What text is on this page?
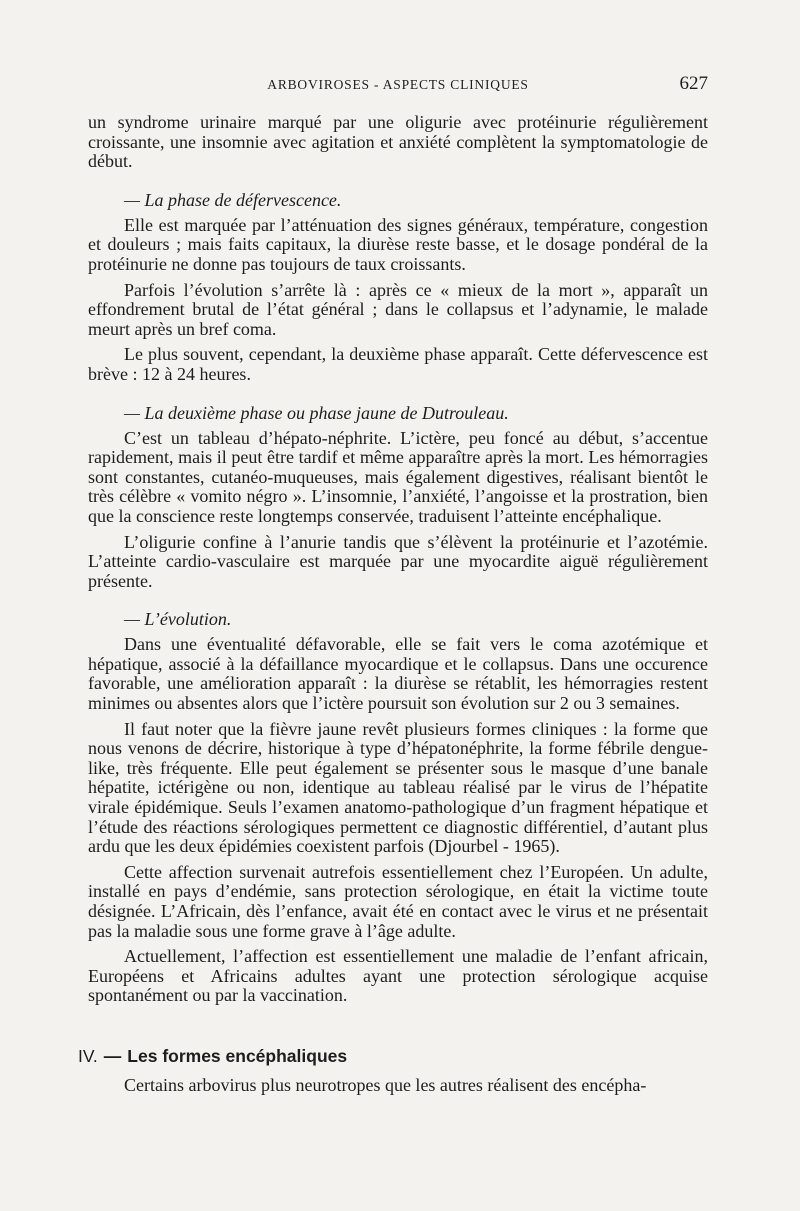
ARBOVIROSES - ASPECTS CLINIQUES	627

un syndrome urinaire marqué par une oligurie avec protéinurie régulièrement croissante, une insomnie avec agitation et anxiété complètent la symptomatologie de début.

— La phase de défervescence.

Elle est marquée par l’atténuation des signes généraux, température, congestion et douleurs ; mais faits capitaux, la diurèse reste basse, et le dosage pondéral de la protéinurie ne donne pas toujours de taux croissants.

Parfois l’évolution s’arrête là : après ce « mieux de la mort », apparaît un effondrement brutal de l’état général ; dans le collapsus et l’adynamie, le malade meurt après un bref coma.

Le plus souvent, cependant, la deuxième phase apparaît. Cette défervescence est brève : 12 à 24 heures.

— La deuxième phase ou phase jaune de Dutrouleau.

C’est un tableau d’hépato-néphrite. L’ictère, peu foncé au début, s’accentue rapidement, mais il peut être tardif et même apparaître après la mort. Les hémorragies sont constantes, cutanéo-muqueuses, mais également digestives, réalisant bientôt le très célèbre « vomito négro ». L’insomnie, l’anxiété, l’angoisse et la prostration, bien que la conscience reste longtemps conservée, traduisent l’atteinte encéphalique.

L’oligurie confine à l’anurie tandis que s’élèvent la protéinurie et l’azotémie. L’atteinte cardio-vasculaire est marquée par une myocardite aiguë régulièrement présente.

— L’évolution.

Dans une éventualité défavorable, elle se fait vers le coma azotémique et hépatique, associé à la défaillance myocardique et le collapsus. Dans une occurence favorable, une amélioration apparaît : la diurèse se rétablit, les hémorragies restent minimes ou absentes alors que l’ictère poursuit son évolution sur 2 ou 3 semaines.

Il faut noter que la fièvre jaune revêt plusieurs formes cliniques : la forme que nous venons de décrire, historique à type d’hépatonéphrite, la forme fébrile dengue-like, très fréquente. Elle peut également se présenter sous le masque d’une banale hépatite, ictérigène ou non, identique au tableau réalisé par le virus de l’hépatite virale épidémique. Seuls l’examen anatomo-pathologique d’un fragment hépatique et l’étude des réactions sérologiques permettent ce diagnostic différentiel, d’autant plus ardu que les deux épidémies coexistent parfois (Djourbel - 1965).

Cette affection survenait autrefois essentiellement chez l’Européen. Un adulte, installé en pays d’endémie, sans protection sérologique, en était la victime toute désignée. L’Africain, dès l’enfance, avait été en contact avec le virus et ne présentait pas la maladie sous une forme grave à l’âge adulte.

Actuellement, l’affection est essentiellement une maladie de l’enfant africain, Européens et Africains adultes ayant une protection sérologique acquise spontanément ou par la vaccination.

IV. — Les formes encéphaliques

Certains arbovirus plus neurotropes que les autres réalisent des encépha-
